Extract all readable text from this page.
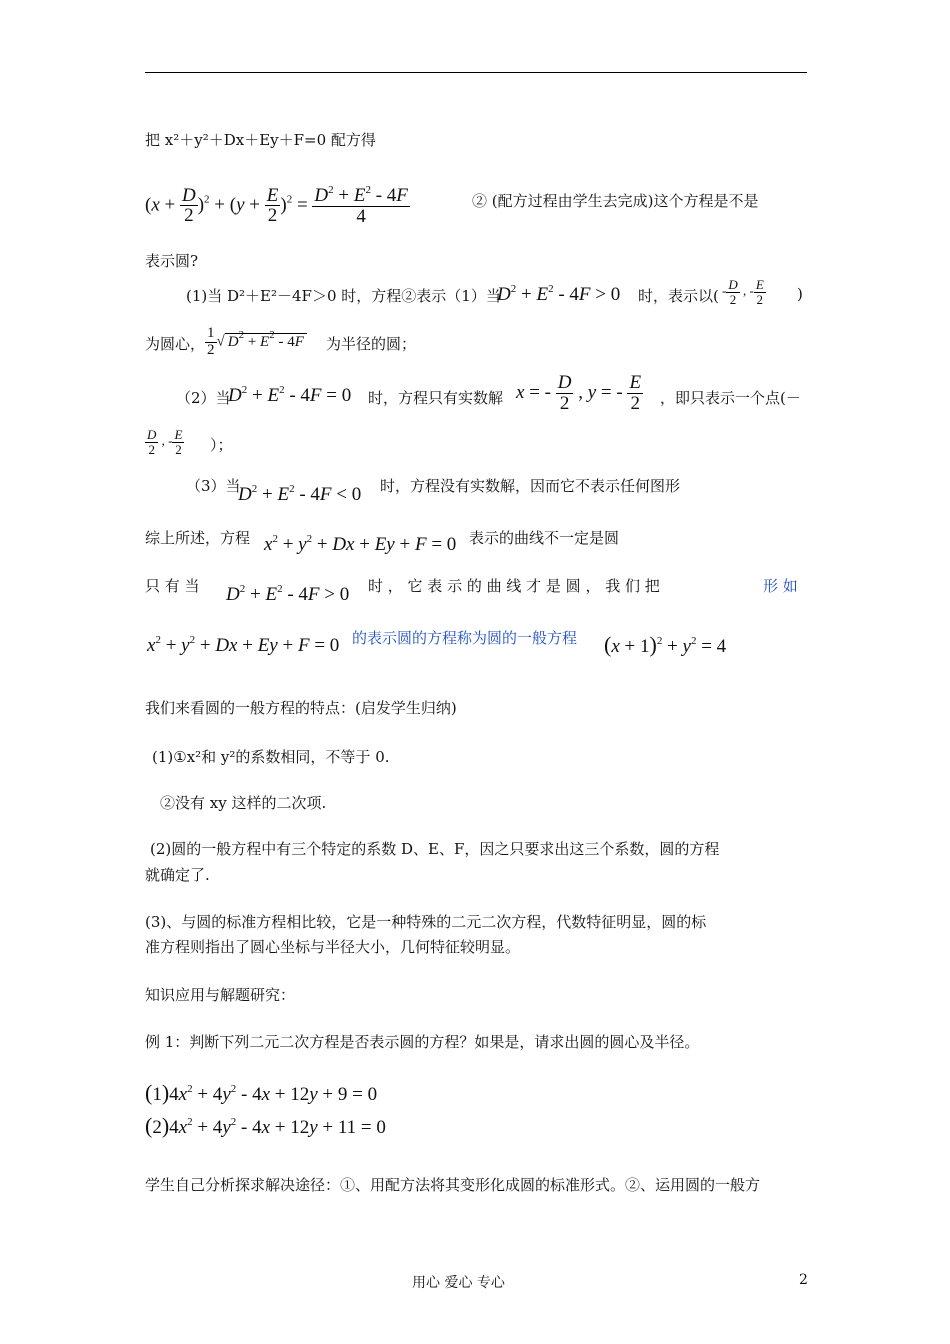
把 x²＋y²＋Dx＋Ey＋F=0 配方得
$(x + \frac{D}{2} )^2 + (y + \frac{E}{2} )^2 = \frac{D^2 + E^2 - 4F}{4}$	② (配方过程由学生去完成)这个方程是不是
表示圆?
(1)当 D²＋E²－4F＞0 时，方程②表示（1）当
$D^2 + E^2 - 4F > 0$ 时，表示以( - $\frac{D}{2}$ , - $\frac{E}{2}$ )
为圆心， $\frac{1}{2}$ √ $D^2 + E^2 - 4F$ 为半径的圆；
（2）当
$D^2 + E^2 - 4F = 0$ 时，方程只有实数解 x = - $\frac{D}{2}$ , y = - $\frac{E}{2}$ ，即只表示一个点(－
$\frac{D}{2}$ , - $\frac{E}{2}$ ）；
（3）当
$D^2 + E^2 - 4F < 0$ 时，方程没有实数解，因而它不表示任何图形
综上所述，方程 $x^2 + y^2 + Dx + Ey + F = 0$ 表示的曲线不一定是圆
只 有 当 $D^2 + E^2 - 4F > 0$ 时 ， 它 表 示 的 曲 线 才 是 圆 ， 我 们 把	形 如
$x^2 + y^2 + Dx + Ey + F = 0$ 的表示圆的方程称为圆的一般方程 $(x + 1)^2 + y^2 = 4$
我们来看圆的一般方程的特点：(启发学生归纳)
(1)①x²和 y²的系数相同，不等于 0.
②没有 xy 这样的二次项.
(2)圆的一般方程中有三个特定的系数 D、E、F，因之只要求出这三个系数，圆的方程
就确定了.
(3)、与圆的标准方程相比较，它是一种特殊的二元二次方程，代数特征明显，圆的标
准方程则指出了圆心坐标与半径大小，几何特征较明显。
知识应用与解题研究：
例 1：判断下列二元二次方程是否表示圆的方程？如果是，请求出圆的圆心及半径。
$(1)4x^2 + 4y^2 - 4x + 12y + 9 = 0$
$(2)4x^2 + 4y^2 - 4x + 12y + 11 = 0$
学生自己分析探求解决途径：①、用配方法将其变形化成圆的标准形式。②、运用圆的一般方
用心 爱心 专心	2
